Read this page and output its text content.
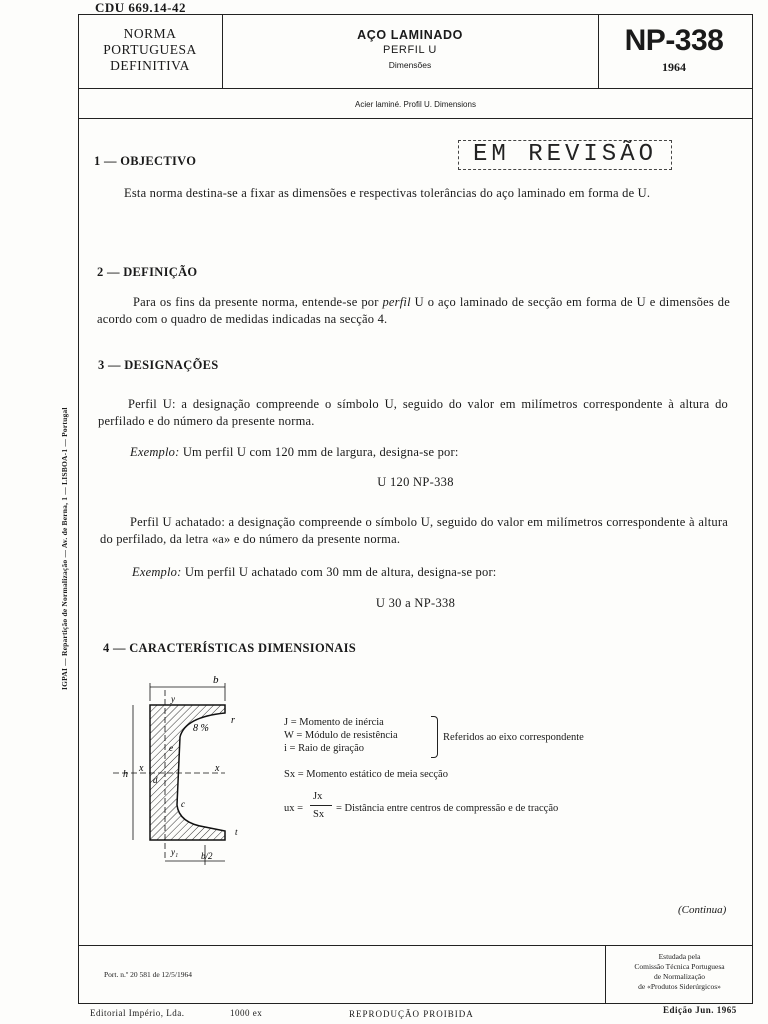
CDU 669.14-42
NORMA
PORTUGUESA
DEFINITIVA
AÇO LAMINADO
PERFIL U
Dimensões
NP-338
1964
Acier laminé. Profil U. Dimensions
EM REVISÃO
IGPAI — Repartição de Normalização — Av. de Berna, 1 — LISBOA-1 — Portugal
1 — OBJECTIVO
Esta norma destina-se a fixar as dimensões e respectivas tolerâncias do aço laminado em forma de U.
2 — DEFINIÇÃO
Para os fins da presente norma, entende-se por perfil U o aço laminado de secção em forma de U e dimensões de acordo com o quadro de medidas indicadas na secção 4.
3 — DESIGNAÇÕES
Perfil U: a designação compreende o símbolo U, seguido do valor em milímetros correspondente à altura do perfilado e do número da presente norma.
Exemplo: Um perfil U com 120 mm de largura, designa-se por:
U 120 NP-338
Perfil U achatado: a designação compreende o símbolo U, seguido do valor em milímetros correspondente à altura do perfilado, da letra «a» e do número da presente norma.
Exemplo: Um perfil U achatado com 30 mm de altura, designa-se por:
U 30 a NP-338
4 — CARACTERÍSTICAS DIMENSIONAIS
b
y
8 %
r
h
x	x
e
d
c
t
y₁	b/2
J = Momento de inércia
W = Módulo de resistência
i = Raio de giração
Referidos ao eixo correspondente
Sx = Momento estático de meia secção
ux =
Jx
Sx
= Distância entre centros de compressão e de tracção
(Continua)
Port. n.º 20 581 de 12/5/1964
Estudada pela
Comissão Técnica Portuguesa
de Normalização
de «Produtos Siderúrgicos»
Editorial Império, Lda.	1000 ex	REPRODUÇÃO PROIBIDA	Edição Jun. 1965
